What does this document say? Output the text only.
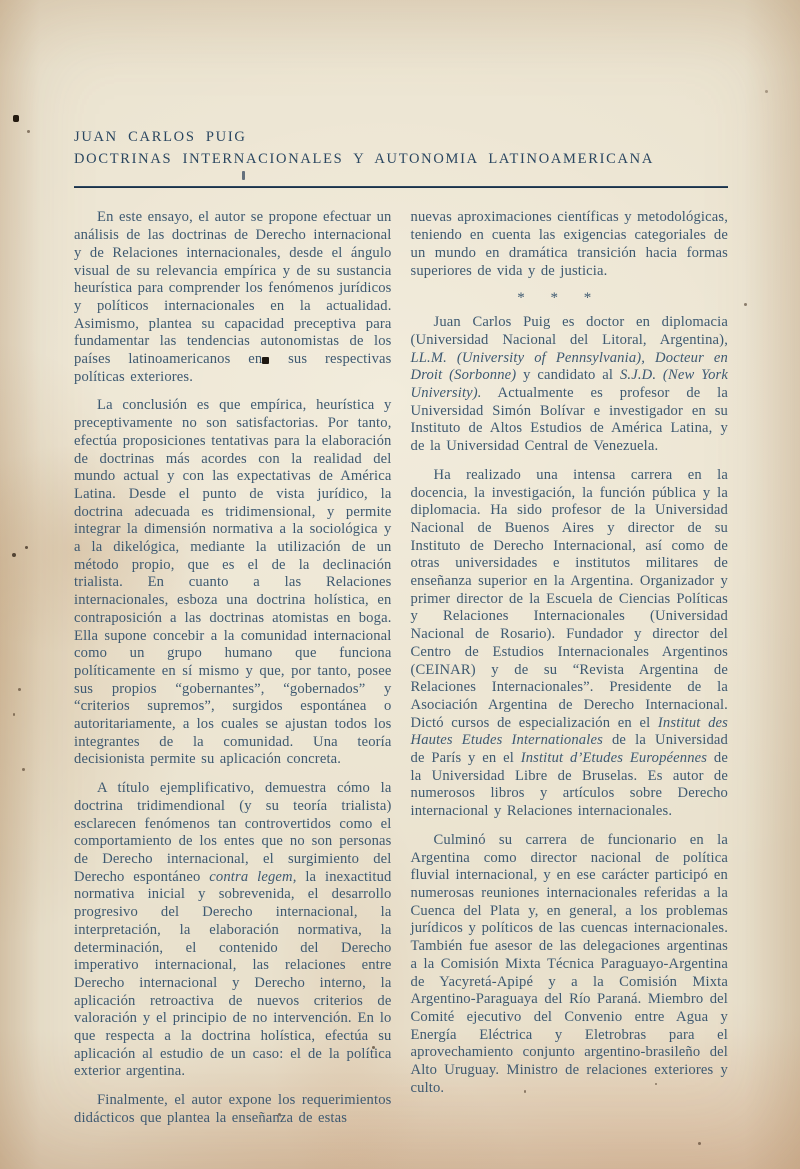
JUAN CARLOS PUIG
DOCTRINAS INTERNACIONALES Y AUTONOMIA LATINOAMERICANA

En este ensayo, el autor se propone efectuar un análisis de las doctrinas de Derecho internacional y de Relaciones internacionales, desde el ángulo visual de su relevancia empírica y de su sustancia heurística para comprender los fenómenos jurídicos y políticos internacionales en la actualidad. Asimismo, plantea su capacidad preceptiva para fundamentar las tendencias autonomistas de los países latinoamericanos en sus respectivas políticas exteriores.

La conclusión es que empírica, heurística y preceptivamente no son satisfactorias. Por tanto, efectúa proposiciones tentativas para la elaboración de doctrinas más acordes con la realidad del mundo actual y con las expectativas de América Latina. Desde el punto de vista jurídico, la doctrina adecuada es tridimensional, y permite integrar la dimensión normativa a la sociológica y a la dikelógica, mediante la utilización de un método propio, que es el de la declinación trialista. En cuanto a las Relaciones internacionales, esboza una doctrina holística, en contraposición a las doctrinas atomistas en boga. Ella supone concebir a la comunidad internacional como un grupo humano que funciona políticamente en sí mismo y que, por tanto, posee sus propios “gobernantes”, “gobernados” y “criterios supremos”, surgidos espontánea o autoritariamente, a los cuales se ajustan todos los integrantes de la comunidad. Una teoría decisionista permite su aplicación concreta.

A título ejemplificativo, demuestra cómo la doctrina tridimendional (y su teoría trialista) esclarecen fenómenos tan controvertidos como el comportamiento de los entes que no son personas de Derecho internacional, el surgimiento del Derecho espontáneo contra legem, la inexactitud normativa inicial y sobrevenida, el desarrollo progresivo del Derecho internacional, la interpretación, la elaboración normativa, la determinación, el contenido del Derecho imperativo internacional, las relaciones entre Derecho internacional y Derecho interno, la aplicación retroactiva de nuevos criterios de valoración y el principio de no intervención. En lo que respecta a la doctrina holística, efectúa su aplicación al estudio de un caso: el de la política exterior argentina.

Finalmente, el autor expone los requerimientos didácticos que plantea la enseñanza de estas

nuevas aproximaciones científicas y metodológicas, teniendo en cuenta las exigencias categoriales de un mundo en dramática transición hacia formas superiores de vida y de justicia.

* * *

Juan Carlos Puig es doctor en diplomacia (Universidad Nacional del Litoral, Argentina), LL.M. (University of Pennsylvania), Docteur en Droit (Sorbonne) y candidato al S.J.D. (New York University). Actualmente es profesor de la Universidad Simón Bolívar e investigador en su Instituto de Altos Estudios de América Latina, y de la Universidad Central de Venezuela.

Ha realizado una intensa carrera en la docencia, la investigación, la función pública y la diplomacia. Ha sido profesor de la Universidad Nacional de Buenos Aires y director de su Instituto de Derecho Internacional, así como de otras universidades e institutos militares de enseñanza superior en la Argentina. Organizador y primer director de la Escuela de Ciencias Políticas y Relaciones Internacionales (Universidad Nacional de Rosario). Fundador y director del Centro de Estudios Internacionales Argentinos (CEINAR) y de su “Revista Argentina de Relaciones Internacionales”. Presidente de la Asociación Argentina de Derecho Internacional. Dictó cursos de especialización en el Institut des Hautes Etudes Internationales de la Universidad de París y en el Institut d’Etudes Européennes de la Universidad Libre de Bruselas. Es autor de numerosos libros y artículos sobre Derecho internacional y Relaciones internacionales.

Culminó su carrera de funcionario en la Argentina como director nacional de política fluvial internacional, y en ese carácter participó en numerosas reuniones internacionales referidas a la Cuenca del Plata y, en general, a los problemas jurídicos y políticos de las cuencas internacionales. También fue asesor de las delegaciones argentinas a la Comisión Mixta Técnica Paraguayo-Argentina de Yacyretá-Apipé y a la Comisión Mixta Argentino-Paraguaya del Río Paraná. Miembro del Comité ejecutivo del Convenio entre Agua y Energía Eléctrica y Eletrobras para el aprovechamiento conjunto argentino-brasileño del Alto Uruguay. Ministro de relaciones exteriores y culto.
